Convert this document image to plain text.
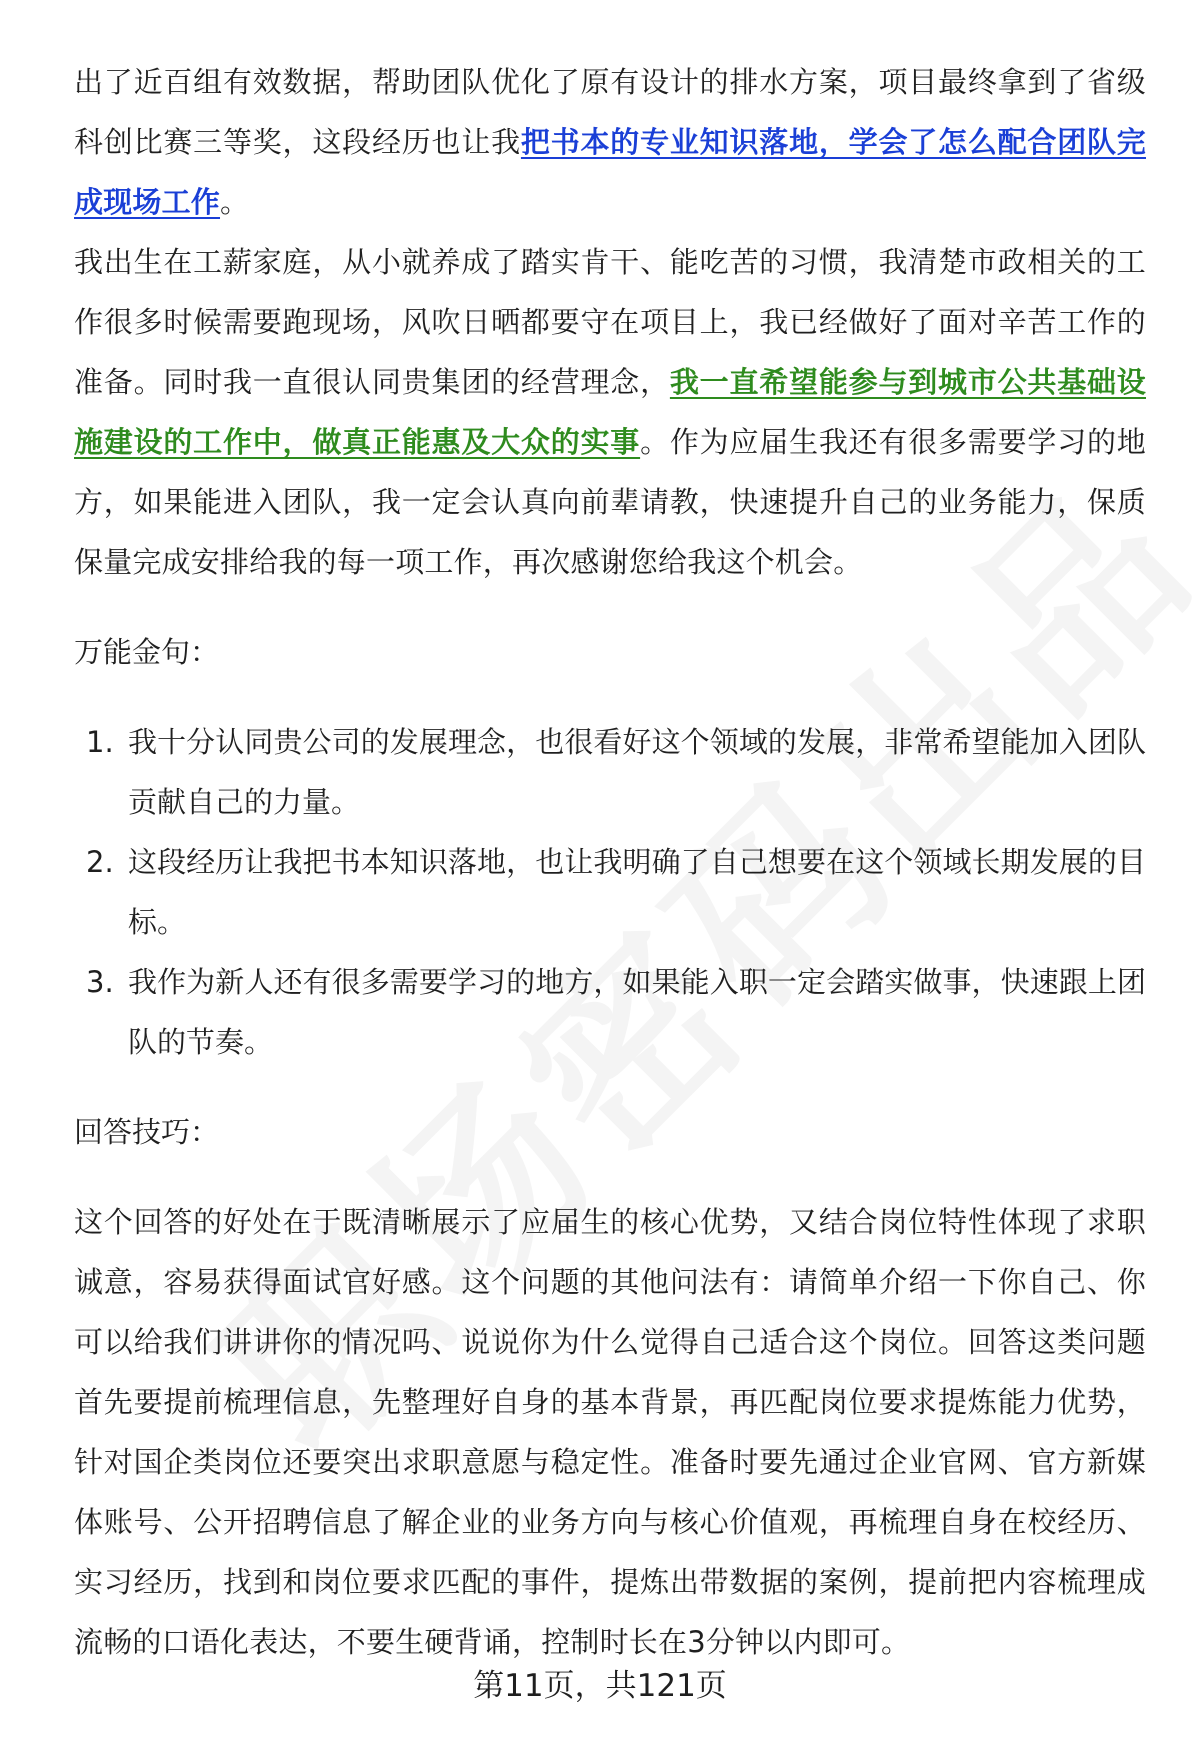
出了近百组有效数据，帮助团队优化了原有设计的排水方案，项目最终拿到了省级科创比赛三等奖，这段经历也让我把书本的专业知识落地，学会了怎么配合团队完成现场工作。

我出生在工薪家庭，从小就养成了踏实肯干、能吃苦的习惯，我清楚市政相关的工作很多时候需要跑现场，风吹日晒都要守在项目上，我已经做好了面对辛苦工作的准备。同时我一直很认同贵集团的经营理念，我一直希望能参与到城市公共基础设施建设的工作中，做真正能惠及大众的实事。作为应届生我还有很多需要学习的地方，如果能进入团队，我一定会认真向前辈请教，快速提升自己的业务能力，保质保量完成安排给我的每一项工作，再次感谢您给我这个机会。

万能金句：
1. 我十分认同贵公司的发展理念，也很看好这个领域的发展，非常希望能加入团队贡献自己的力量。
2. 这段经历让我把书本知识落地，也让我明确了自己想要在这个领域长期发展的目标。
3. 我作为新人还有很多需要学习的地方，如果能入职一定会踏实做事，快速跟上团队的节奏。
回答技巧：

这个回答的好处在于既清晰展示了应届生的核心优势，又结合岗位特性体现了求职诚意，容易获得面试官好感。这个问题的其他问法有：请简单介绍一下你自己、你可以给我们讲讲你的情况吗、说说你为什么觉得自己适合这个岗位。回答这类问题首先要提前梳理信息，先整理好自身的基本背景，再匹配岗位要求提炼能力优势，针对国企类岗位还要突出求职意愿与稳定性。准备时要先通过企业官网、官方新媒体账号、公开招聘信息了解企业的业务方向与核心价值观，再梳理自身在校经历、实习经历，找到和岗位要求匹配的事件，提炼出带数据的案例，提前把内容梳理成流畅的口语化表达，不要生硬背诵，控制时长在3分钟以内即可。

第11页，共121页
